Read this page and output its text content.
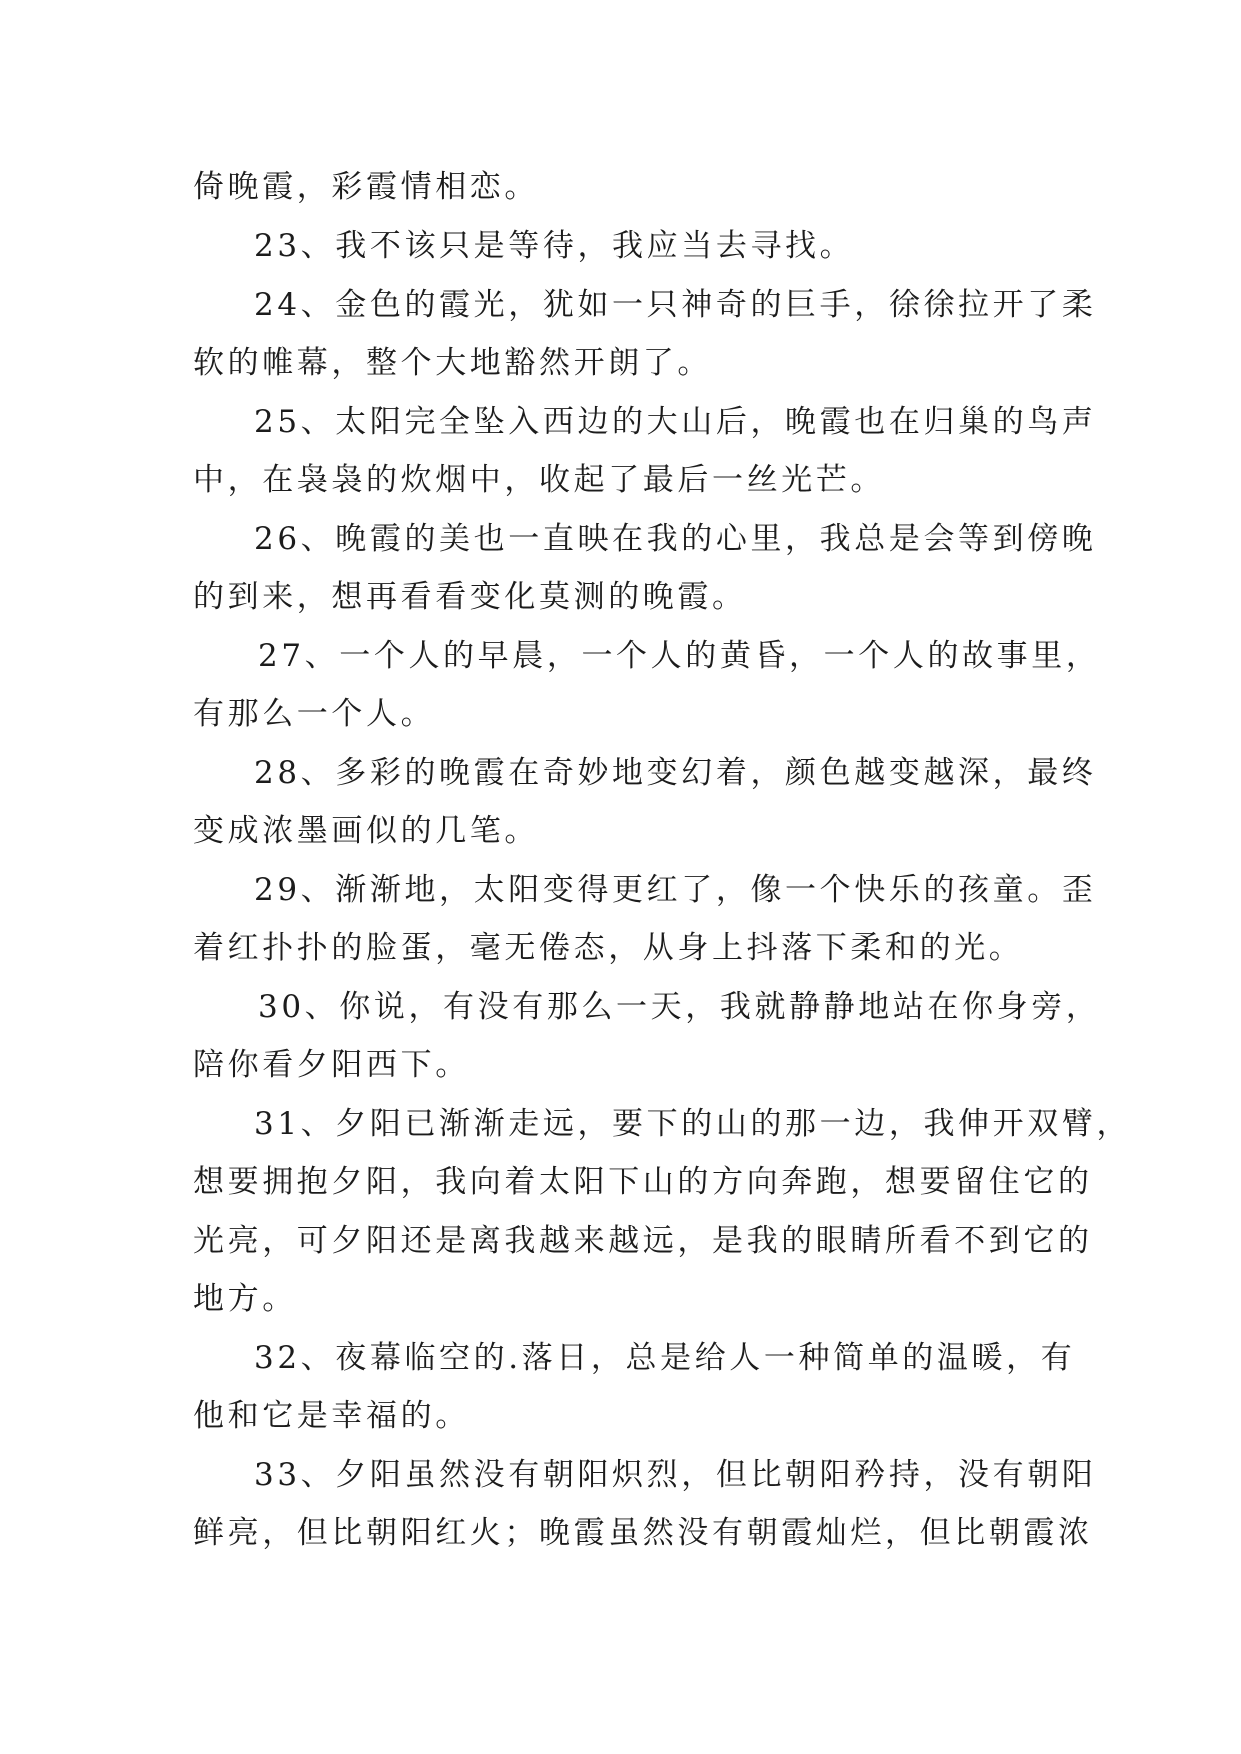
倚晚霞，彩霞情相恋。
23、我不该只是等待，我应当去寻找。
24、金色的霞光，犹如一只神奇的巨手，徐徐拉开了柔
软的帷幕，整个大地豁然开朗了。
25、太阳完全坠入西边的大山后，晚霞也在归巢的鸟声
中，在袅袅的炊烟中，收起了最后一丝光芒。
26、晚霞的美也一直映在我的心里，我总是会等到傍晚
的到来，想再看看变化莫测的晚霞。
27、一个人的早晨，一个人的黄昏，一个人的故事里，
有那么一个人。
28、多彩的晚霞在奇妙地变幻着，颜色越变越深，最终
变成浓墨画似的几笔。
29、渐渐地，太阳变得更红了，像一个快乐的孩童。歪
着红扑扑的脸蛋，毫无倦态，从身上抖落下柔和的光。
30、你说，有没有那么一天，我就静静地站在你身旁，
陪你看夕阳西下。
31、夕阳已渐渐走远，要下的山的那一边，我伸开双臂，
想要拥抱夕阳，我向着太阳下山的方向奔跑，想要留住它的
光亮，可夕阳还是离我越来越远，是我的眼睛所看不到它的
地方。
32、夜幕临空的.落日，总是给人一种简单的温暖，有
他和它是幸福的。
33、夕阳虽然没有朝阳炽烈，但比朝阳矜持，没有朝阳
鲜亮，但比朝阳红火；晚霞虽然没有朝霞灿烂，但比朝霞浓
